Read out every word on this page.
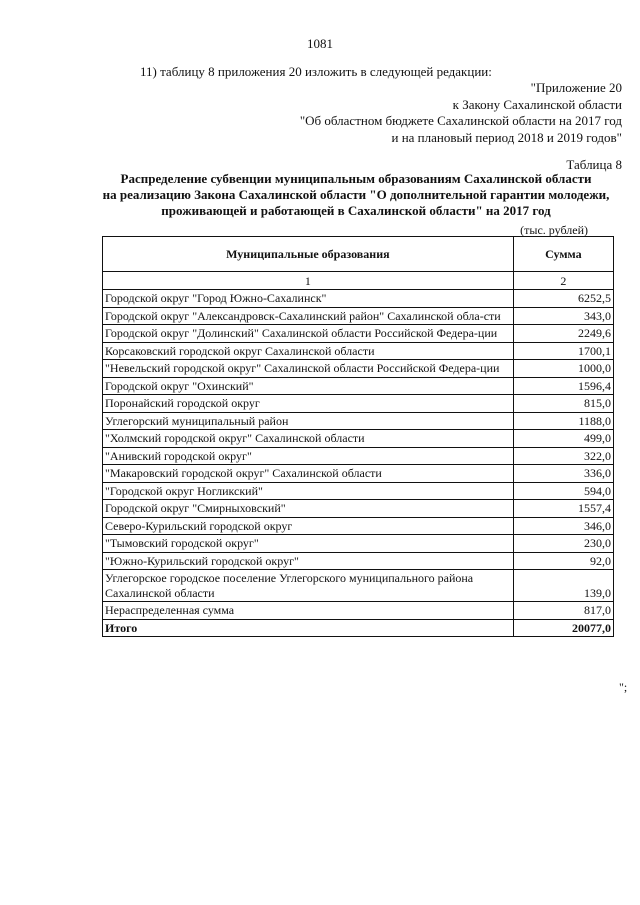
1081
11) таблицу 8 приложения 20 изложить в следующей редакции:
"Приложение 20
к Закону Сахалинской области
"Об областном бюджете Сахалинской области на 2017 год
и на плановый период 2018 и 2019 годов"
Таблица 8
Распределение субвенции муниципальным образованиям Сахалинской области
на реализацию Закона Сахалинской области "О дополнительной гарантии молодежи,
проживающей и работающей в Сахалинской области" на 2017 год
(тыс. рублей)
Муниципальные образования	Сумма
1	2
Городской округ "Город Южно-Сахалинск"	6252,5
Городской округ "Александровск-Сахалинский район" Сахалинской обла-сти	343,0
Городской округ "Долинский" Сахалинской области Российской Федера-ции	2249,6
Корсаковский городской округ Сахалинской области	1700,1
"Невельский городской округ" Сахалинской области Российской Федера-ции	1000,0
Городской округ "Охинский"	1596,4
Поронайский городской округ	815,0
Углегорский муниципальный район	1188,0
"Холмский городской округ" Сахалинской области	499,0
"Анивский городской округ"	322,0
"Макаровский городской округ" Сахалинской области	336,0
"Городской округ Ногликский"	594,0
Городской округ "Смирныховский"	1557,4
Северо-Курильский городской округ	346,0
"Тымовский городской округ"	230,0
"Южно-Курильский городской округ"	92,0
Углегорское городское поселение Углегорского муниципального района Сахалинской области	139,0
Нераспределенная сумма	817,0
Итого	20077,0
";
